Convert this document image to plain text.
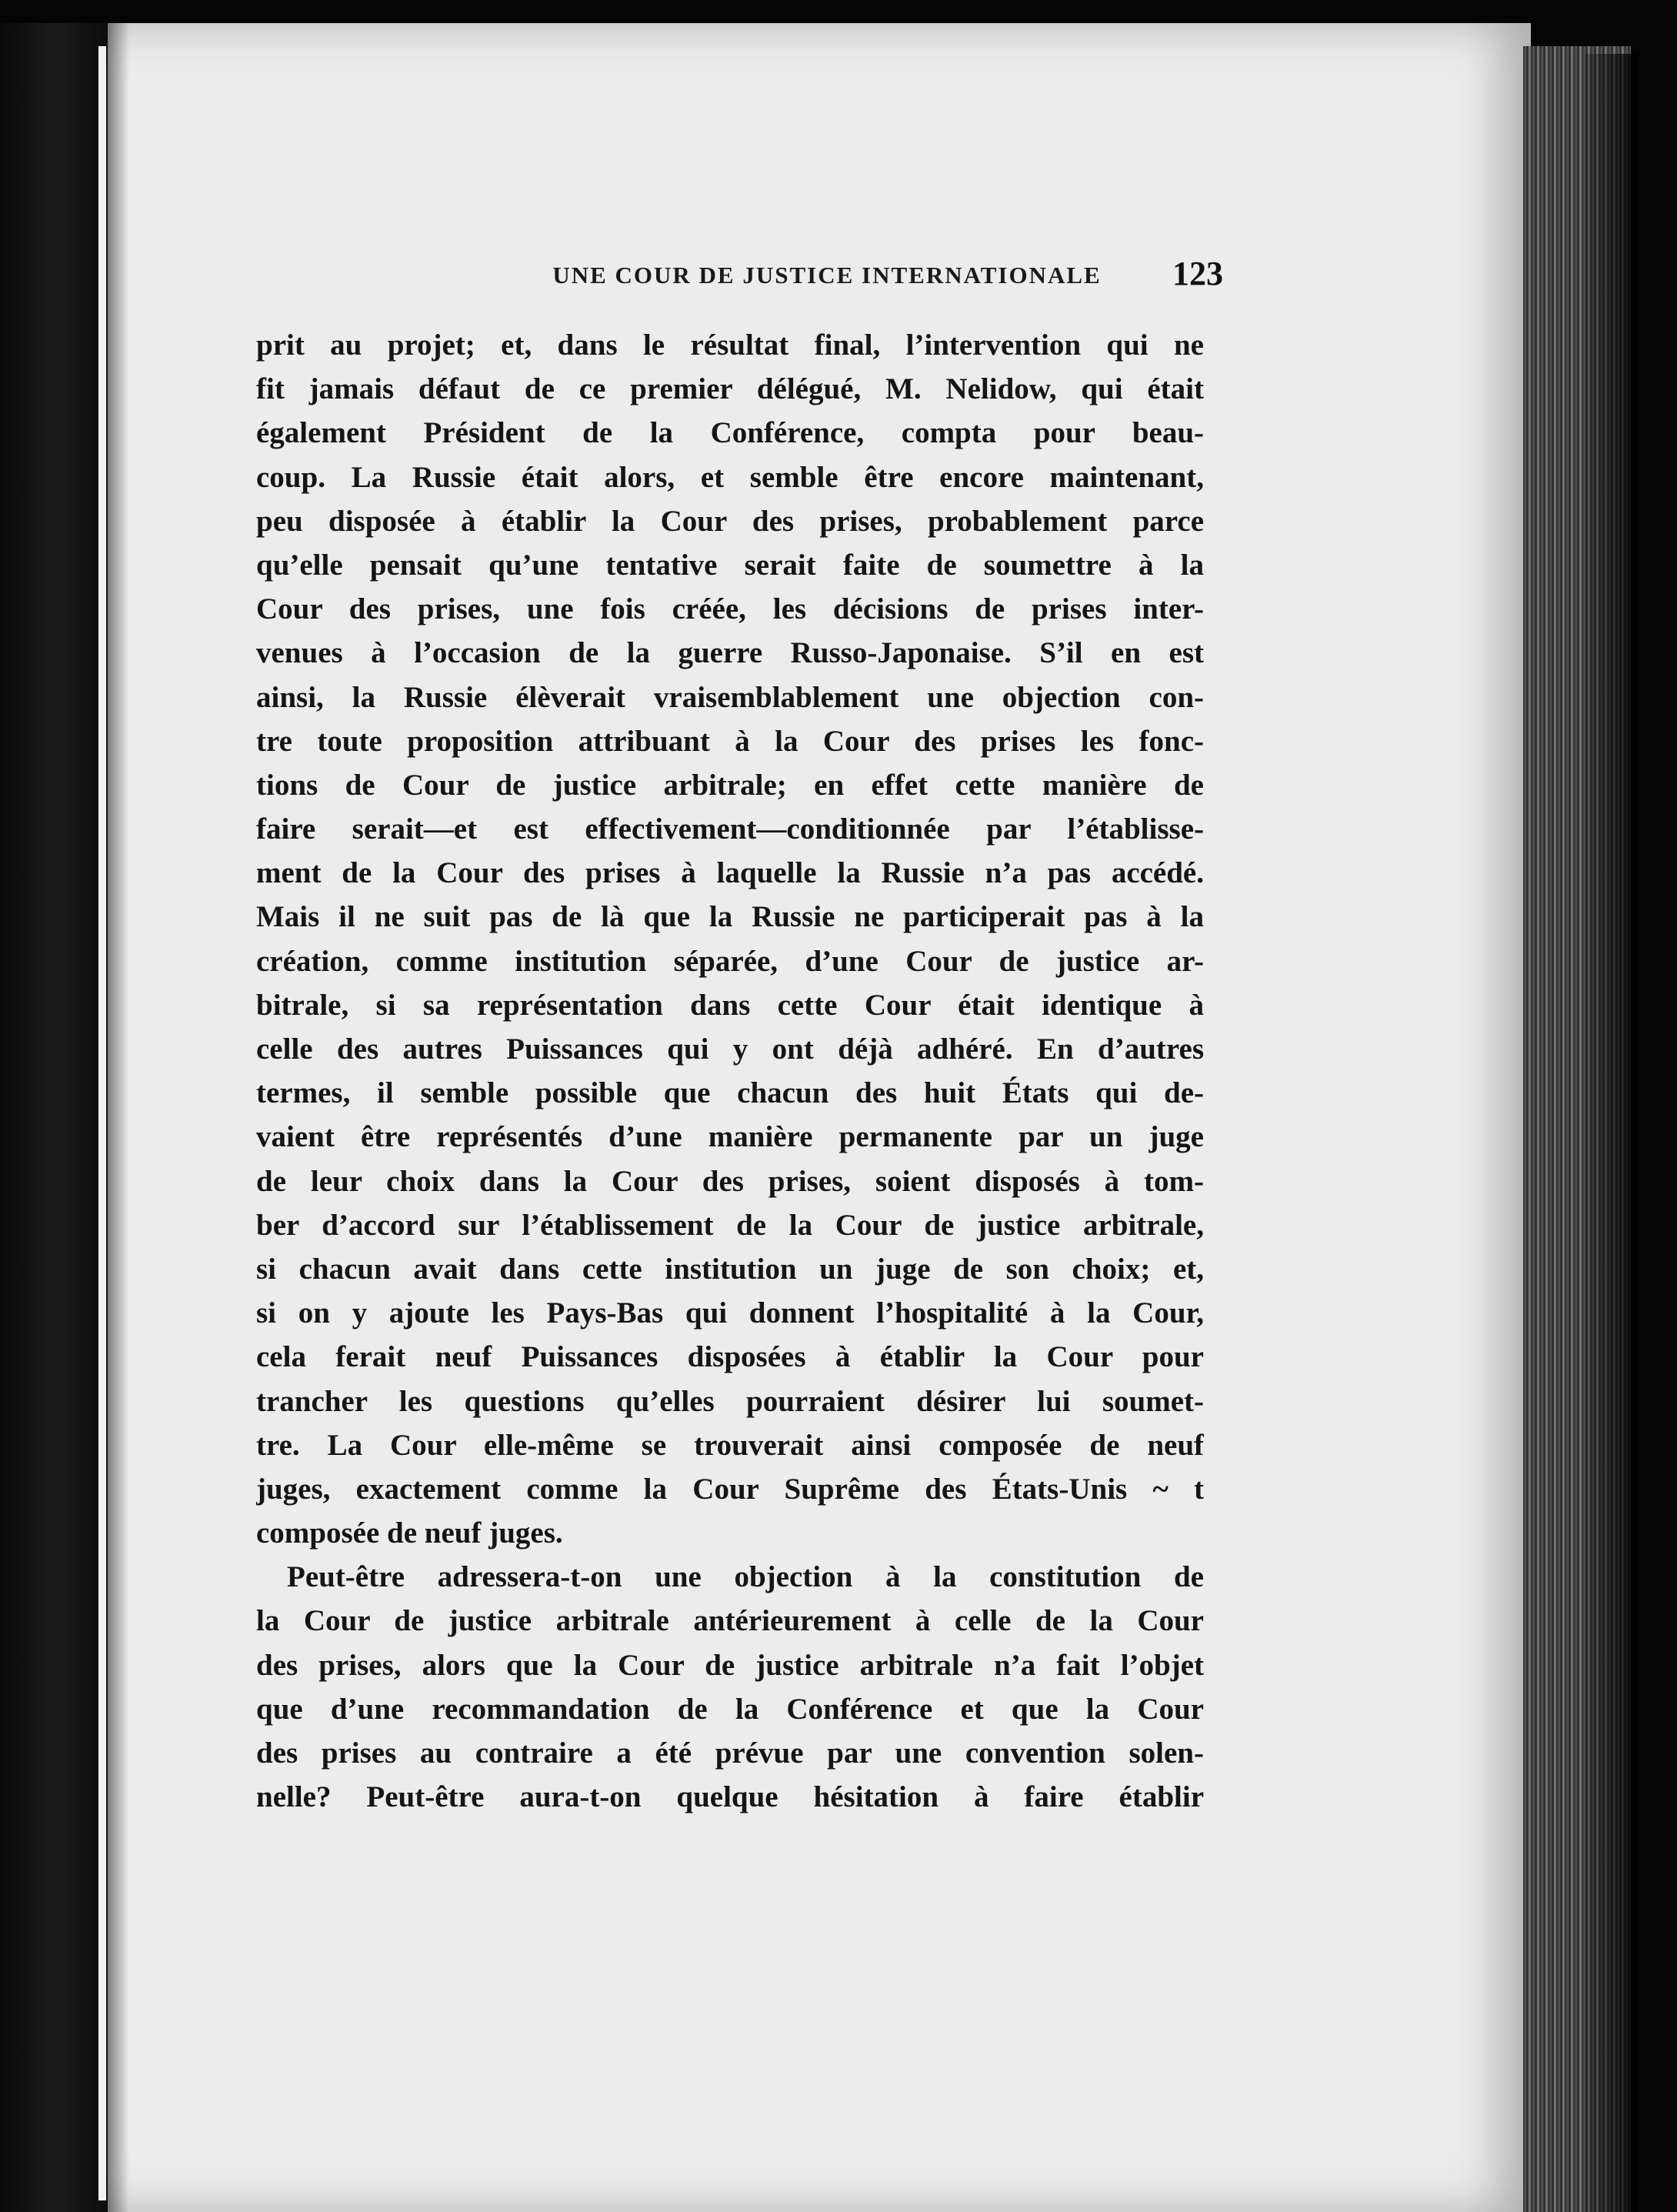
UNE COUR DE JUSTICE INTERNATIONALE	123
prit au projet; et, dans le résultat final, l’intervention qui ne
fit jamais défaut de ce premier délégué, M. Nelidow, qui était
également Président de la Conférence, compta pour beau-
coup. La Russie était alors, et semble être encore maintenant,
peu disposée à établir la Cour des prises, probablement parce
qu’elle pensait qu’une tentative serait faite de soumettre à la
Cour des prises, une fois créée, les décisions de prises inter-
venues à l’occasion de la guerre Russo-Japonaise. S’il en est
ainsi, la Russie élèverait vraisemblablement une objection con-
tre toute proposition attribuant à la Cour des prises les fonc-
tions de Cour de justice arbitrale; en effet cette manière de
faire serait—et est effectivement—conditionnée par l’établisse-
ment de la Cour des prises à laquelle la Russie n’a pas accédé.
Mais il ne suit pas de là que la Russie ne participerait pas à la
création, comme institution séparée, d’une Cour de justice ar-
bitrale, si sa représentation dans cette Cour était identique à
celle des autres Puissances qui y ont déjà adhéré. En d’autres
termes, il semble possible que chacun des huit États qui de-
vaient être représentés d’une manière permanente par un juge
de leur choix dans la Cour des prises, soient disposés à tom-
ber d’accord sur l’établissement de la Cour de justice arbitrale,
si chacun avait dans cette institution un juge de son choix; et,
si on y ajoute les Pays-Bas qui donnent l’hospitalité à la Cour,
cela ferait neuf Puissances disposées à établir la Cour pour
trancher les questions qu’elles pourraient désirer lui soumet-
tre. La Cour elle-même se trouverait ainsi composée de neuf
juges, exactement comme la Cour Suprême des États-Unis ~ t
composée de neuf juges.
Peut-être adressera-t-on une objection à la constitution de
la Cour de justice arbitrale antérieurement à celle de la Cour
des prises, alors que la Cour de justice arbitrale n’a fait l’objet
que d’une recommandation de la Conférence et que la Cour
des prises au contraire a été prévue par une convention solen-
nelle? Peut-être aura-t-on quelque hésitation à faire établir
